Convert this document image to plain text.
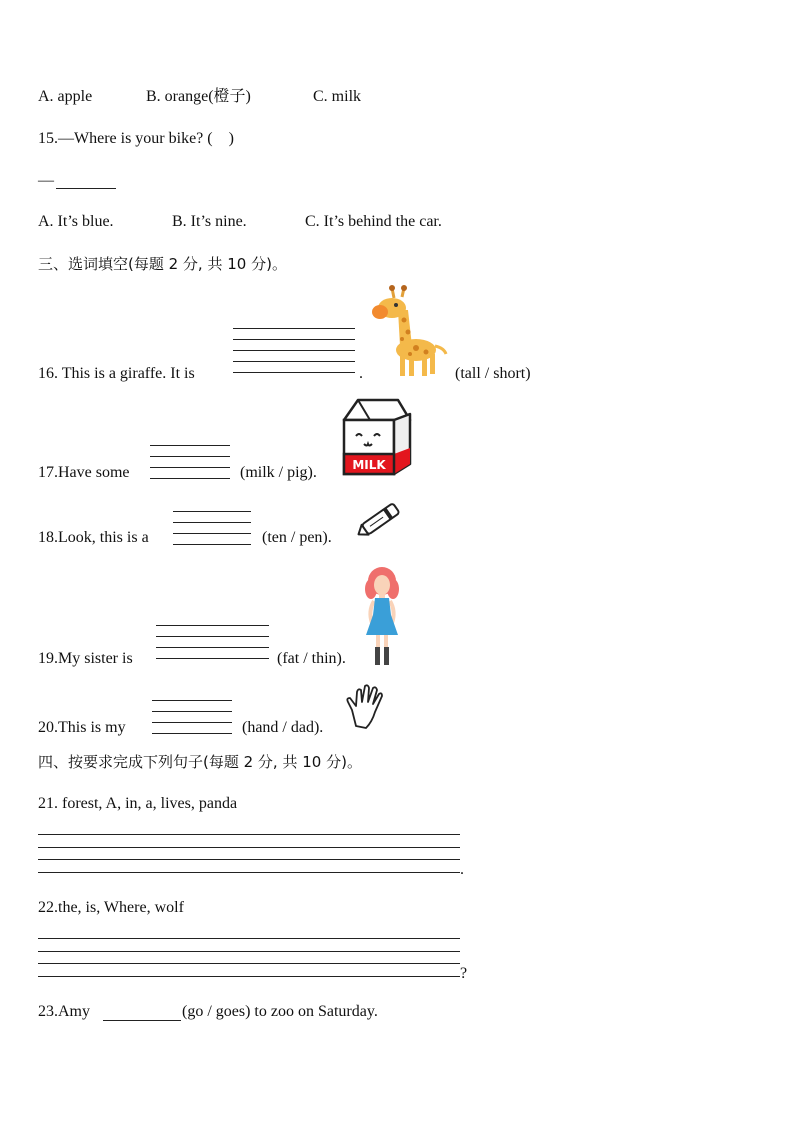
A. apple	B. orange(橙子)	C. milk
15.—Where is your bike? (    )
—
A. It’s blue.	B. It’s nine.	C. It’s behind the car.
三、选词填空(每题 2 分, 共 10 分)。
16. This is a giraffe. It is	.	(tall / short)
17.Have some	(milk / pig).	MILK
18.Look, this is a	(ten / pen).
19.My sister is	(fat / thin).
20.This is my	(hand / dad).
四、按要求完成下列句子(每题 2 分, 共 10 分)。
21. forest, A, in, a, lives, panda
.
22.the, is, Where, wolf
?
23.Amy	(go / goes) to zoo on Saturday.
